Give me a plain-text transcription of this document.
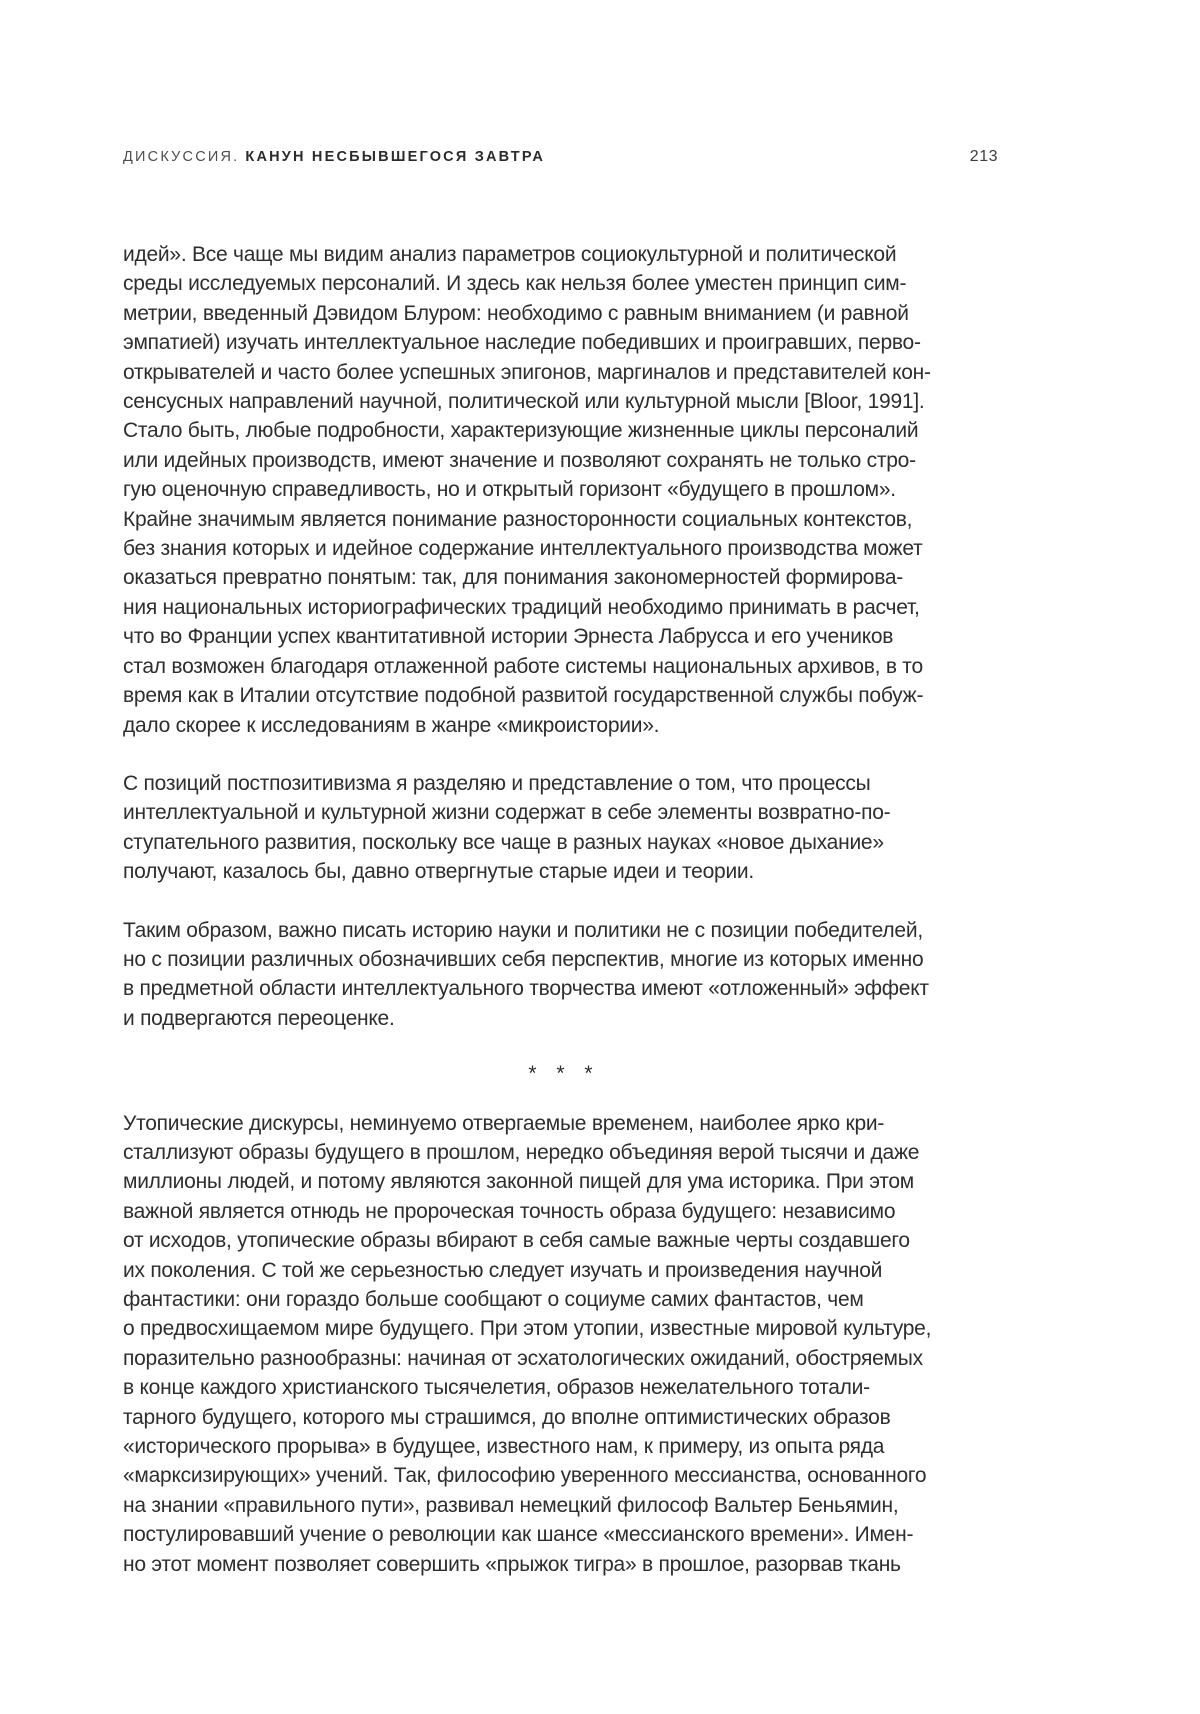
ДИСКУССИЯ. КАНУН НЕСБЫВШЕГОСЯ ЗАВТРА	213

идей». Все чаще мы видим анализ параметров социокультурной и политической
среды исследуемых персоналий. И здесь как нельзя более уместен принцип сим-
метрии, введенный Дэвидом Блуром: необходимо с равным вниманием (и равной
эмпатией) изучать интеллектуальное наследие победивших и проигравших, перво-
открывателей и часто более успешных эпигонов, маргиналов и представителей кон-
сенсусных направлений научной, политической или культурной мысли [Bloor, 1991].
Стало быть, любые подробности, характеризующие жизненные циклы персоналий
или идейных производств, имеют значение и позволяют сохранять не только стро-
гую оценочную справедливость, но и открытый горизонт «будущего в прошлом».
Крайне значимым является понимание разносторонности социальных контекстов,
без знания которых и идейное содержание интеллектуального производства может
оказаться превратно понятым: так, для понимания закономерностей формирова-
ния национальных историографических традиций необходимо принимать в расчет,
что во Франции успех квантитативной истории Эрнеста Лабрусса и его учеников
стал возможен благодаря отлаженной работе системы национальных архивов, в то
время как в Италии отсутствие подобной развитой государственной службы побуж-
дало скорее к исследованиям в жанре «микроистории».

С позиций постпозитивизма я разделяю и представление о том, что процессы
интеллектуальной и культурной жизни содержат в себе элементы возвратно-по-
ступательного развития, поскольку все чаще в разных науках «новое дыхание»
получают, казалось бы, давно отвергнутые старые идеи и теории.

Таким образом, важно писать историю науки и политики не с позиции победителей,
но с позиции различных обозначивших себя перспектив, многие из которых именно
в предметной области интеллектуального творчества имеют «отложенный» эффект
и подвергаются переоценке.

* * *

Утопические дискурсы, неминуемо отвергаемые временем, наиболее ярко кри-
сталлизуют образы будущего в прошлом, нередко объединяя верой тысячи и даже
миллионы людей, и потому являются законной пищей для ума историка. При этом
важной является отнюдь не пророческая точность образа будущего: независимо
от исходов, утопические образы вбирают в себя самые важные черты создавшего
их поколения. С той же серьезностью следует изучать и произведения научной
фантастики: они гораздо больше сообщают о социуме самих фантастов, чем
о предвосхищаемом мире будущего. При этом утопии, известные мировой культуре,
поразительно разнообразны: начиная от эсхатологических ожиданий, обостряемых
в конце каждого христианского тысячелетия, образов нежелательного тотали-
тарного будущего, которого мы страшимся, до вполне оптимистических образов
«исторического прорыва» в будущее, известного нам, к примеру, из опыта ряда
«марксизирующих» учений. Так, философию уверенного мессианства, основанного
на знании «правильного пути», развивал немецкий философ Вальтер Беньямин,
постулировавший учение о революции как шансе «мессианского времени». Имен-
но этот момент позволяет совершить «прыжок тигра» в прошлое, разорвав ткань
